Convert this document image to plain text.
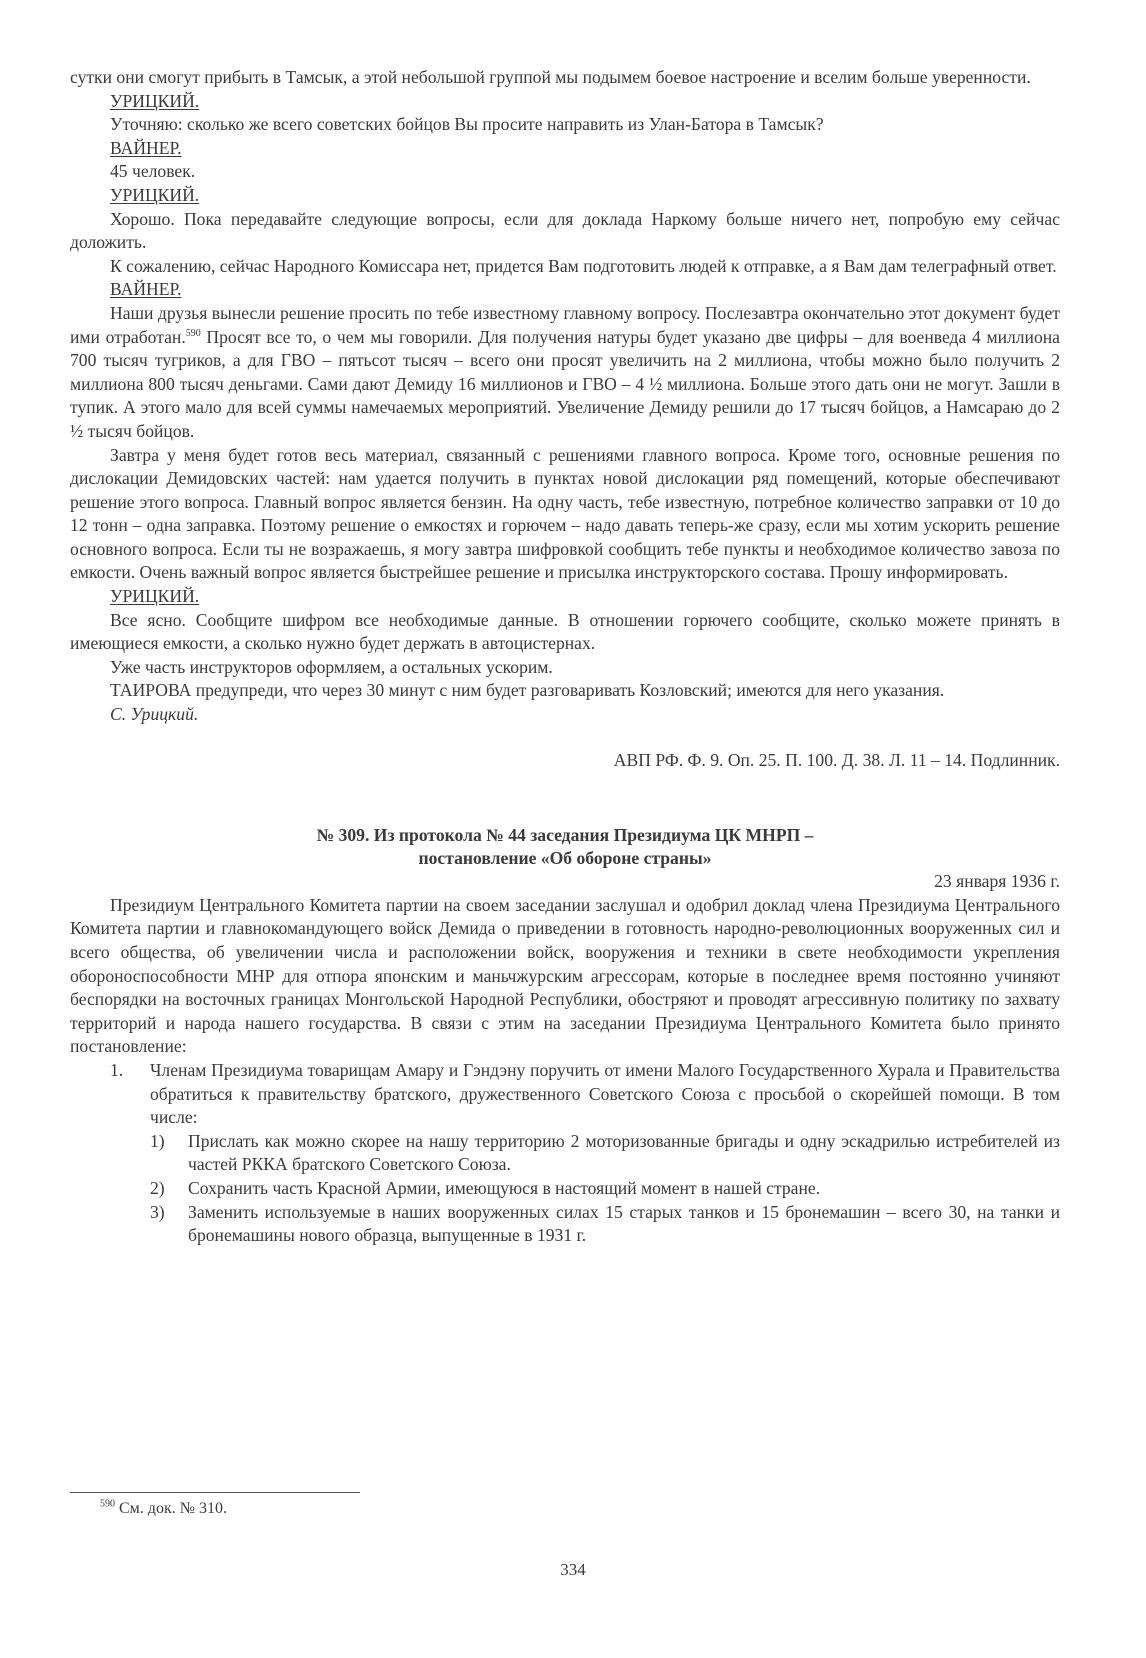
сутки они смогут прибыть в Тамсык, а этой небольшой группой мы подымем боевое настроение и вселим больше уверенности.

УРИЦКИЙ.

Уточняю: сколько же всего советских бойцов Вы просите направить из Улан-Батора в Тамсык?

ВАЙНЕР.

45 человек.

УРИЦКИЙ.

Хорошо. Пока передавайте следующие вопросы, если для доклада Наркому больше ничего нет, попробую ему сейчас доложить.

К сожалению, сейчас Народного Комиссара нет, придется Вам подготовить людей к отправке, а я Вам дам телеграфный ответ.

ВАЙНЕР.

Наши друзья вынесли решение просить по тебе известному главному вопросу. Послезавтра окончательно этот документ будет ими отработан.$^{590}$ Просят все то, о чем мы говорили. Для получения натуры будет указано две цифры – для военведа 4 миллиона 700 тысяч тугриков, а для ГВО – пятьсот тысяч – всего они просят увеличить на 2 миллиона, чтобы можно было получить 2 миллиона 800 тысяч деньгами. Сами дают Демиду 16 миллионов и ГВО – 4 ½ миллиона. Больше этого дать они не могут. Зашли в тупик. А этого мало для всей суммы намечаемых мероприятий. Увеличение Демиду решили до 17 тысяч бойцов, а Намсараю до 2 ½ тысяч бойцов.

Завтра у меня будет готов весь материал, связанный с решениями главного вопроса. Кроме того, основные решения по дислокации Демидовских частей: нам удается получить в пунктах новой дислокации ряд помещений, которые обеспечивают решение этого вопроса. Главный вопрос является бензин. На одну часть, тебе известную, потребное количество заправки от 10 до 12 тонн – одна заправка. Поэтому решение о емкостях и горючем – надо давать теперь-же сразу, если мы хотим ускорить решение основного вопроса. Если ты не возражаешь, я могу завтра шифровкой сообщить тебе пункты и необходимое количество завоза по емкости. Очень важный вопрос является быстрейшее решение и присылка инструкторского состава. Прошу информировать.

УРИЦКИЙ.

Все ясно. Сообщите шифром все необходимые данные. В отношении горючего сообщите, сколько можете принять в имеющиеся емкости, а сколько нужно будет держать в автоцистернах.

Уже часть инструкторов оформляем, а остальных ускорим.

ТАИРОВА предупреди, что через 30 минут с ним будет разговаривать Козловский; имеются для него указания.

С. Урицкий.

АВП РФ. Ф. 9. Оп. 25. П. 100. Д. 38. Л. 11 – 14. Подлинник.

№ 309. Из протокола № 44 заседания Президиума ЦК МНРП –
постановление «Об обороне страны»

23 января 1936 г.

Президиум Центрального Комитета партии на своем заседании заслушал и одобрил доклад члена Президиума Центрального Комитета партии и главнокомандующего войск Демида о приведении в готовность народно-революционных вооруженных сил и всего общества, об увеличении числа и расположении войск, вооружения и техники в свете необходимости укрепления обороноспособности МНР для отпора японским и маньчжурским агрессорам, которые в последнее время постоянно учиняют беспорядки на восточных границах Монгольской Народной Республики, обостряют и проводят агрессивную политику по захвату территорий и народа нашего государства. В связи с этим на заседании Президиума Центрального Комитета было принято постановление:

1.	Членам Президиума товарищам Амару и Гэндэну поручить от имени Малого Государственного Хурала и Правительства обратиться к правительству братского, дружественного Советского Союза с просьбой о скорейшей помощи. В том числе:
1)	Прислать как можно скорее на нашу территорию 2 моторизованные бригады и одну эскадрилью истребителей из частей РККА братского Советского Союза.
2)	Сохранить часть Красной Армии, имеющуюся в настоящий момент в нашей стране.
3)	Заменить используемые в наших вооруженных силах 15 старых танков и 15 бронемашин – всего 30, на танки и бронемашины нового образца, выпущенные в 1931 г.
$^{590}$ См. док. № 310.
334
